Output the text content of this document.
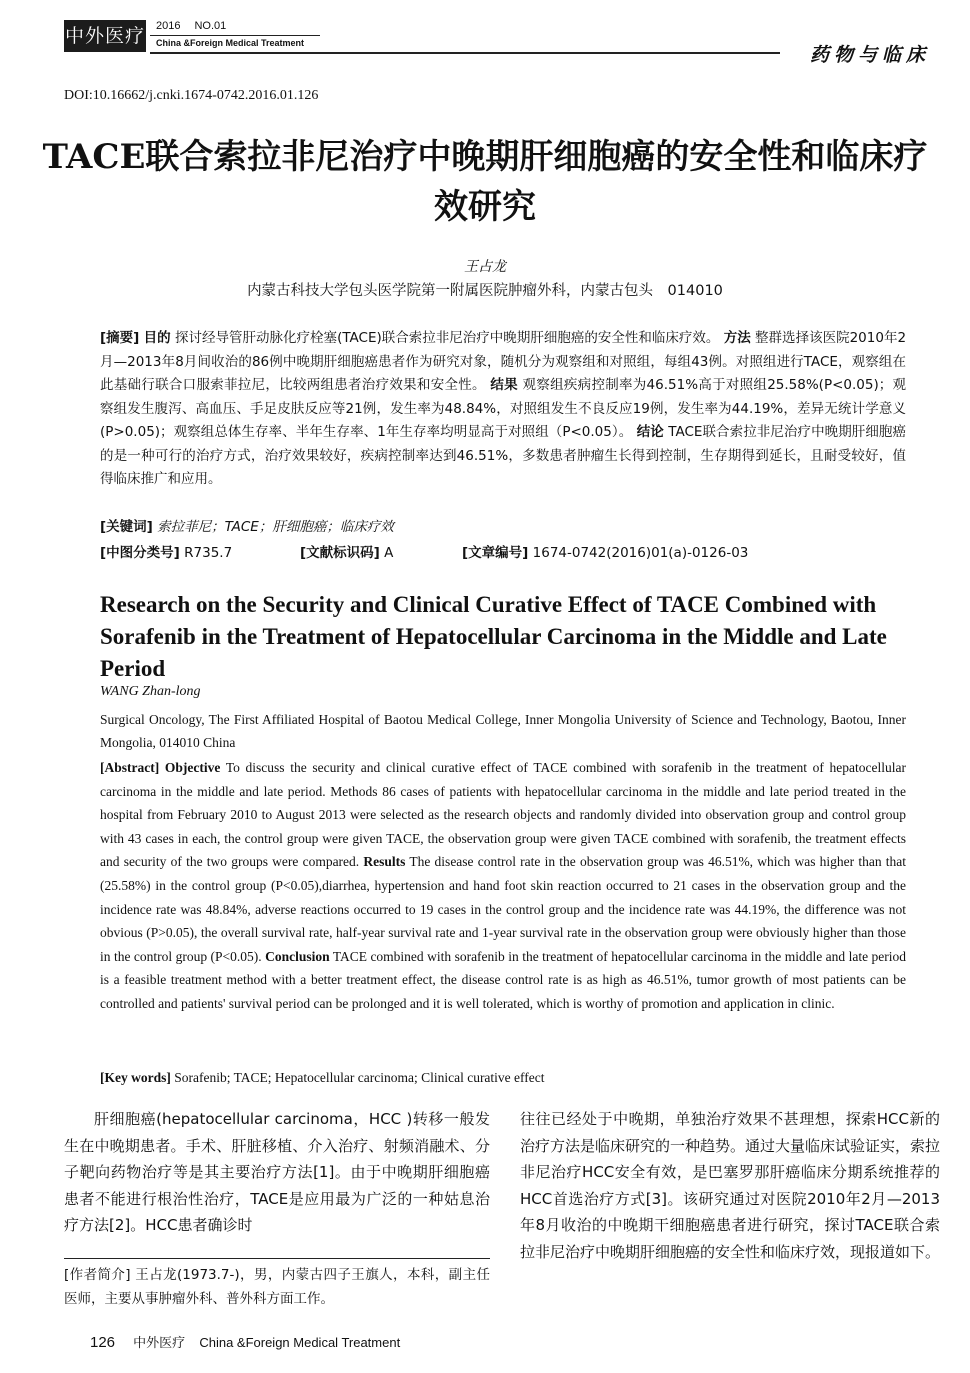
中外医疗 2016 NO.01
China &Foreign Medical Treatment
药物与临床
DOI:10.16662/j.cnki.1674-0742.2016.01.126
TACE联合索拉非尼治疗中晚期肝细胞癌的安全性和临床疗效研究
王占龙
内蒙古科技大学包头医学院第一附属医院肿瘤外科，内蒙古包头　014010
[摘要] 目的 探讨经导管肝动脉化疗栓塞(TACE)联合索拉非尼治疗中晚期肝细胞癌的安全性和临床疗效。 方法 整群选择该医院2010年2月—2013年8月间收治的86例中晚期肝细胞癌患者作为研究对象，随机分为观察组和对照组，每组43例。对照组进行TACE，观察组在此基础行联合口服索菲拉尼，比较两组患者治疗效果和安全性。 结果 观察组疾病控制率为46.51%高于对照组25.58%(P<0.05)；观察组发生腹泻、高血压、手足皮肤反应等21例，发生率为48.84%，对照组发生不良反应19例，发生率为44.19%，差异无统计学意义(P>0.05)；观察组总体生存率、半年生存率、1年生存率均明显高于对照组（P<0.05）。 结论 TACE联合索拉非尼治疗中晚期肝细胞癌的是一种可行的治疗方式，治疗效果较好，疾病控制率达到46.51%，多数患者肿瘤生长得到控制，生存期得到延长，且耐受较好，值得临床推广和应用。
[关键词] 索拉菲尼；TACE；肝细胞癌；临床疗效
[中图分类号] R735.7	[文献标识码] A	[文章编号] 1674-0742(2016)01(a)-0126-03
Research on the Security and Clinical Curative Effect of TACE Combined with Sorafenib in the Treatment of Hepatocellular Carcinoma in the Middle and Late Period
WANG Zhan-long
Surgical Oncology, The First Affiliated Hospital of Baotou Medical College, Inner Mongolia University of Science and Technology, Baotou, Inner Mongolia, 014010 China
[Abstract] Objective To discuss the security and clinical curative effect of TACE combined with sorafenib in the treatment of hepatocellular carcinoma in the middle and late period. Methods 86 cases of patients with hepatocellular carcinoma in the middle and late period treated in the hospital from February 2010 to August 2013 were selected as the research objects and randomly divided into observation group and control group with 43 cases in each, the control group were given TACE, the observation group were given TACE combined with sorafenib, the treatment effects and security of the two groups were compared. Results The disease control rate in the observation group was 46.51%, which was higher than that (25.58%) in the control group (P<0.05),diarrhea, hypertension and hand foot skin reaction occurred to 21 cases in the observation group and the incidence rate was 48.84%, adverse reactions occurred to 19 cases in the control group and the incidence rate was 44.19%, the difference was not obvious (P>0.05), the overall survival rate, half-year survival rate and 1-year survival rate in the observation group were obviously higher than those in the control group (P<0.05). Conclusion TACE combined with sorafenib in the treatment of hepatocellular carcinoma in the middle and late period is a feasible treatment method with a better treatment effect, the disease control rate is as high as 46.51%, tumor growth of most patients can be controlled and patients' survival period can be prolonged and it is well tolerated, which is worthy of promotion and application in clinic.
[Key words] Sorafenib; TACE; Hepatocellular carcinoma; Clinical curative effect
肝细胞癌(hepatocellular carcinoma，HCC )转移一般发生在中晚期患者。手术、肝脏移植、介入治疗、射频消融术、分子靶向药物治疗等是其主要治疗方法[1]。由于中晚期肝细胞癌患者不能进行根治性治疗，TACE是应用最为广泛的一种姑息治疗方法[2]。HCC患者确诊时
往往已经处于中晚期，单独治疗效果不甚理想，探索HCC新的治疗方法是临床研究的一种趋势。通过大量临床试验证实，索拉非尼治疗HCC安全有效，是巴塞罗那肝癌临床分期系统推荐的HCC首选治疗方式[3]。该研究通过对医院2010年2月—2013年8月收治的中晚期干细胞癌患者进行研究，探讨TACE联合索拉非尼治疗中晚期肝细胞癌的安全性和临床疗效，现报道如下。
[作者简介] 王占龙(1973.7-)，男，内蒙古四子王旗人，本科，副主任医师，主要从事肿瘤外科、普外科方面工作。
126 中外医疗 China &Foreign Medical Treatment
